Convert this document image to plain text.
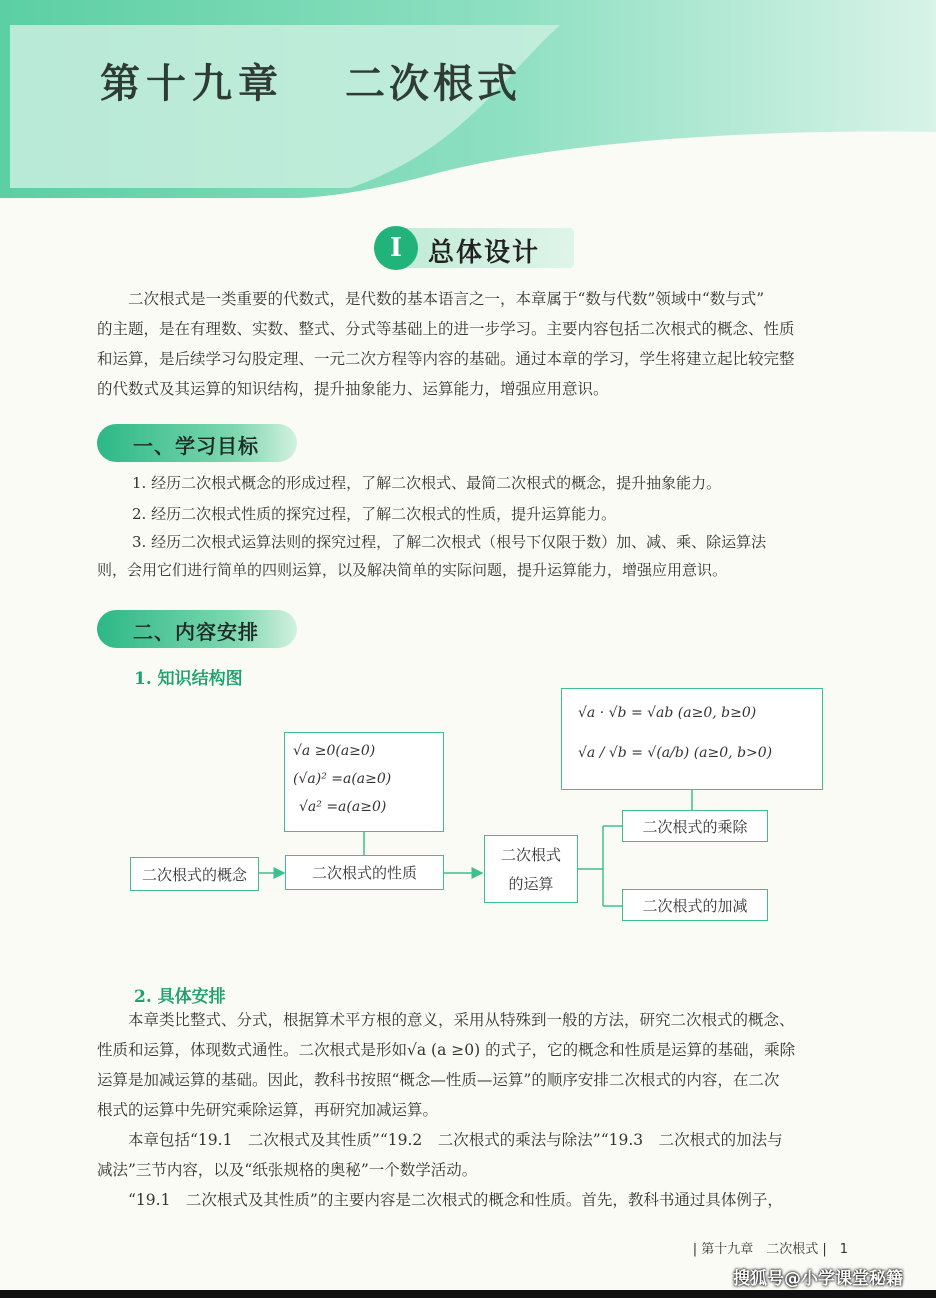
第十九章 二次根式
I 总体设计
二次根式是一类重要的代数式，是代数的基本语言之一，本章属于“数与代数”领域中“数与式”
的主题，是在有理数、实数、整式、分式等基础上的进一步学习。主要内容包括二次根式的概念、性质
和运算，是后续学习勾股定理、一元二次方程等内容的基础。通过本章的学习，学生将建立起比较完整
的代数式及其运算的知识结构，提升抽象能力、运算能力，增强应用意识。
一、学习目标
1. 经历二次根式概念的形成过程，了解二次根式、最简二次根式的概念，提升抽象能力。
2. 经历二次根式性质的探究过程，了解二次根式的性质，提升运算能力。
3. 经历二次根式运算法则的探究过程，了解二次根式（根号下仅限于数）加、减、乘、除运算法
则，会用它们进行简单的四则运算，以及解决简单的实际问题，提升运算能力，增强应用意识。
二、内容安排
1. 知识结构图
√a ≥0(a≥0)
(√a)² =a(a≥0)
√a² =a(a≥0)
二次根式的概念	二次根式的性质
二次根式
的运算
√a · √b = √ab (a≥0, b≥0)
√a / √b = √(a/b) (a≥0, b>0)
二次根式的乘除
二次根式的加减
2. 具体安排
本章类比整式、分式，根据算术平方根的意义，采用从特殊到一般的方法，研究二次根式的概念、
性质和运算，体现数式通性。二次根式是形如√a (a ≥0) 的式子，它的概念和性质是运算的基础，乘除
运算是加减运算的基础。因此，教科书按照“概念—性质—运算”的顺序安排二次根式的内容，在二次
根式的运算中先研究乘除运算，再研究加减运算。
本章包括“19.1　二次根式及其性质”“19.2　二次根式的乘法与除法”“19.3　二次根式的加法与
减法”三节内容，以及“纸张规格的奥秘”一个数学活动。
“19.1　二次根式及其性质”的主要内容是二次根式的概念和性质。首先，教科书通过具体例子，
| 第十九章　二次根式 |　1
搜狐号@小学课堂秘籍
